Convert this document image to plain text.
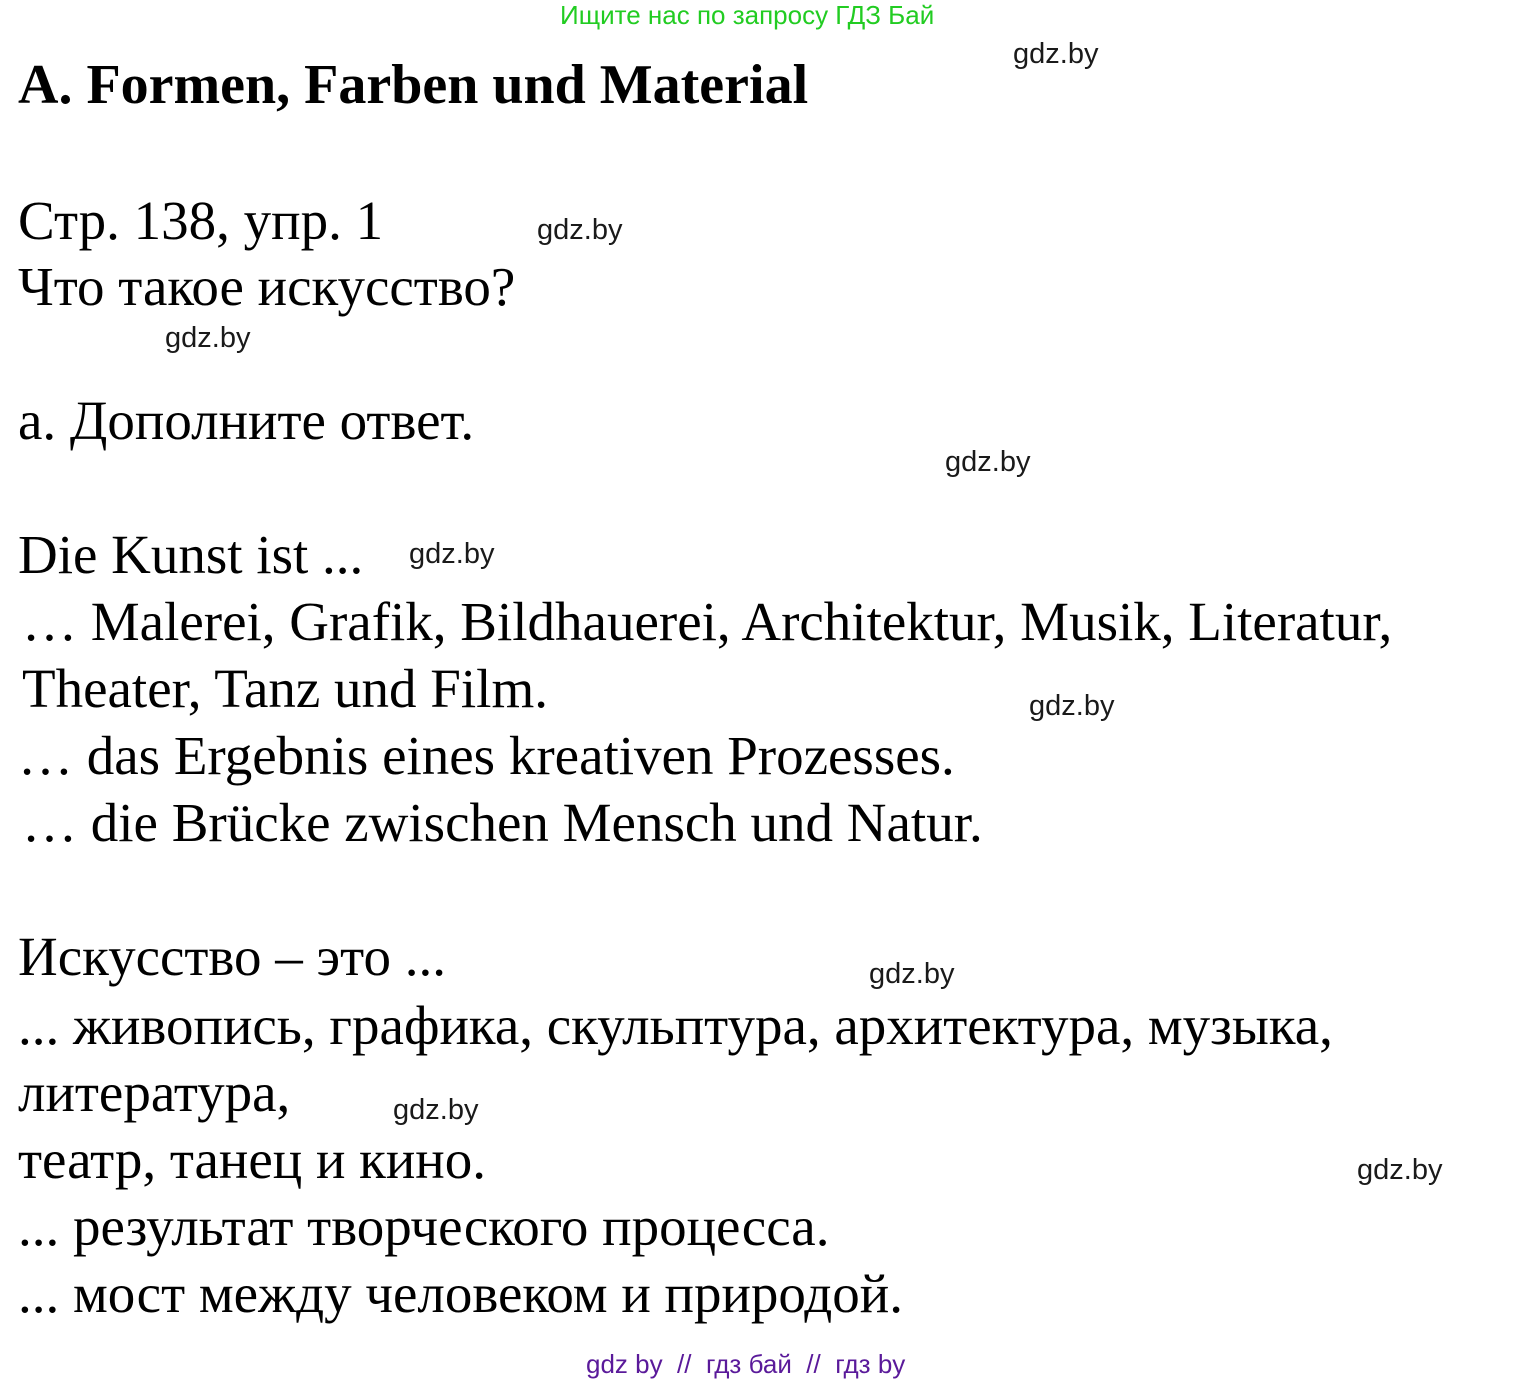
Ищите нас по запросу ГДЗ Бай
A. Formen, Farben und Material
Стр. 138, упр. 1
Что такое искусство?
a. Дополните ответ.
Die Kunst ist ...
… Malerei, Grafik, Bildhauerei, Architektur, Musik, Literatur,
Theater, Tanz und Film.
… das Ergebnis eines kreativen Prozesses.
… die Brücke zwischen Mensch und Natur.
Искусство – это ...
... живопись, графика, скульптура, архитектура, музыка,
литература,
театр, танец и кино.
... результат творческого процесса.
... мост между человеком и природой.
gdz.by
gdz.by
gdz.by
gdz.by
gdz.by
gdz.by
gdz.by
gdz.by
gdz.by
gdz by  //  гдз бай  //  гдз by
